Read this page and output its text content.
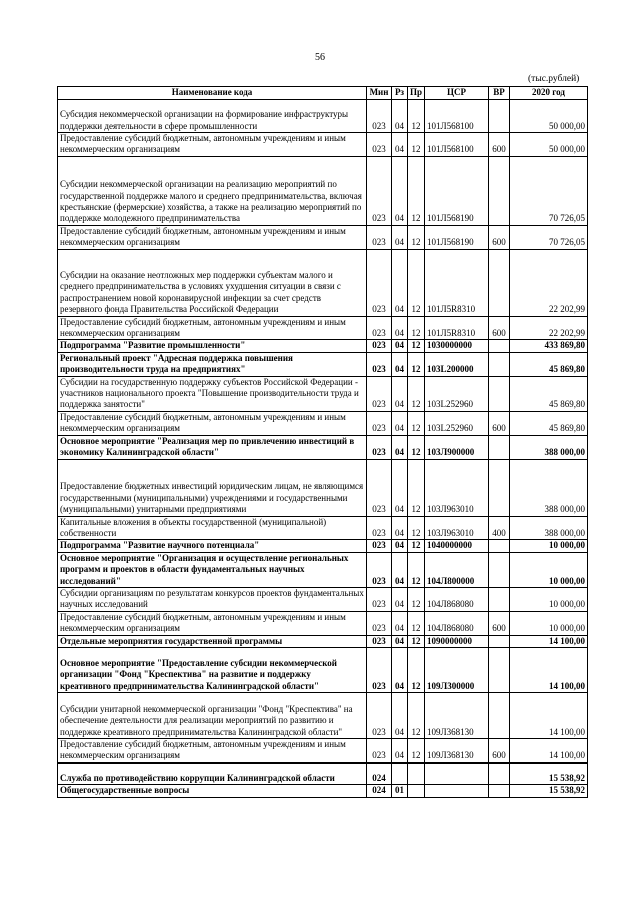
56
(тыс.рублей)
Наименование кода	Мин	Рз	Пр	ЦСР	ВР	2020 год
Субсидия некоммерческой организации на формирование инфраструктуры поддержки деятельности в сфере промышленности	023	04	12	101Л568100		50 000,00
Предоставление субсидий бюджетным, автономным учреждениям и иным некоммерческим организациям	023	04	12	101Л568100	600	50 000,00
Субсидии некоммерческой организации на реализацию мероприятий по государственной поддержке малого и среднего предпринимательства, включая крестьянские (фермерские) хозяйства, а также на реализацию мероприятий по поддержке молодежного предпринимательства	023	04	12	101Л568190		70 726,05
Предоставление субсидий бюджетным, автономным учреждениям и иным некоммерческим организациям	023	04	12	101Л568190	600	70 726,05
Субсидии на оказание неотложных мер поддержки субъектам малого и среднего предпринимательства в условиях ухудшения ситуации в связи с распространением новой коронавирусной инфекции за счет средств резервного фонда Правительства Российской Федерации	023	04	12	101Л5R8310		22 202,99
Предоставление субсидий бюджетным, автономным учреждениям и иным некоммерческим организациям	023	04	12	101Л5R8310	600	22 202,99
Подпрограмма "Развитие промышленности"	023	04	12	1030000000		433 869,80
Региональный проект "Адресная поддержка повышения производительности труда на предприятиях"	023	04	12	103L200000		45 869,80
Субсидии на государственную поддержку субъектов Российской Федерации - участников национального проекта "Повышение производительности труда и поддержка занятости"	023	04	12	103L252960		45 869,80
Предоставление субсидий бюджетным, автономным учреждениям и иным некоммерческим организациям	023	04	12	103L252960	600	45 869,80
Основное мероприятие "Реализация мер по привлечению инвестиций в экономику Калининградской области"	023	04	12	103Л900000		388 000,00
Предоставление бюджетных инвестиций юридическим лицам, не являющимся государственными (муниципальными) учреждениями и государственными (муниципальными) унитарными предприятиями	023	04	12	103Л963010		388 000,00
Капитальные вложения в объекты государственной (муниципальной) собственности	023	04	12	103Л963010	400	388 000,00
Подпрограмма "Развитие научного потенциала"	023	04	12	1040000000		10 000,00
Основное мероприятие "Организация и осуществление региональных программ и проектов в области фундаментальных научных исследований"	023	04	12	104Л800000		10 000,00
Субсидии организациям по результатам конкурсов проектов фундаментальных научных исследований	023	04	12	104Л868080		10 000,00
Предоставление субсидий бюджетным, автономным учреждениям и иным некоммерческим организациям	023	04	12	104Л868080	600	10 000,00
Отдельные мероприятия государственной программы	023	04	12	1090000000		14 100,00
Основное мероприятие "Предоставление субсидии некоммерческой организации "Фонд "Креспектива" на развитие и поддержку креативного предпринимательства Калининградской области"	023	04	12	109Л300000		14 100,00
Субсидии унитарной некоммерческой организации "Фонд "Креспектива" на обеспечение деятельности для реализации мероприятий по развитию и поддержке креативного предпринимательства Калининградской области"	023	04	12	109Л368130		14 100,00
Предоставление субсидий бюджетным, автономным учреждениям и иным некоммерческим организациям	023	04	12	109Л368130	600	14 100,00
Служба по противодействию коррупции Калининградской области	024					15 538,92
Общегосударственные вопросы	024	01				15 538,92
